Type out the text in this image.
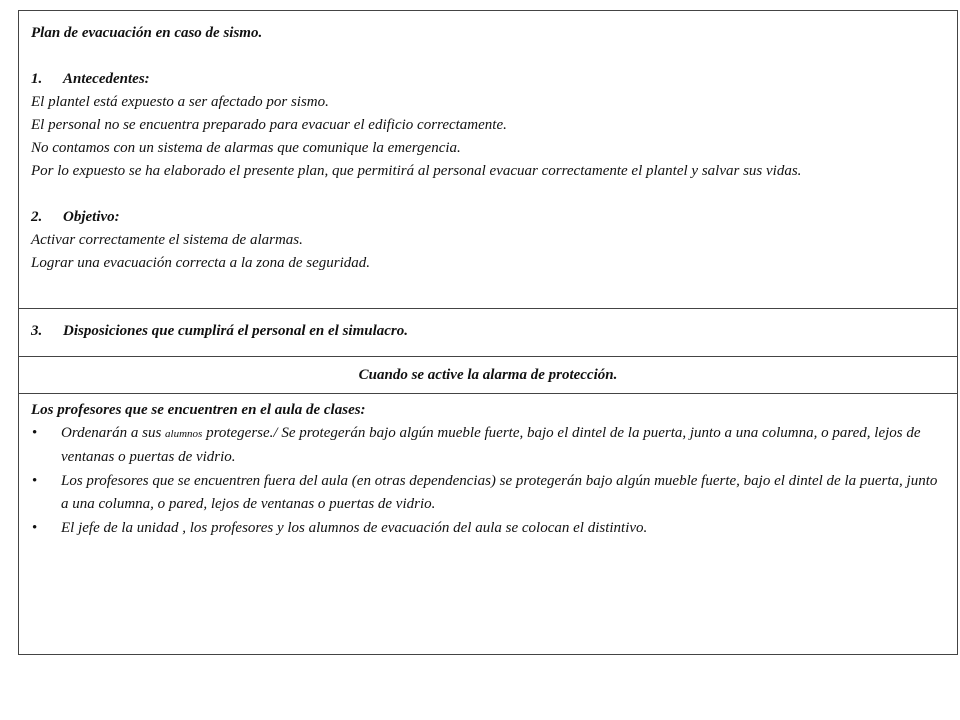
Plan de evacuación en caso de sismo.

1.	Antecedentes:

El plantel está expuesto a ser afectado por sismo.

El personal no se encuentra preparado para evacuar el edificio correctamente.

No contamos con un sistema de alarmas que comunique la emergencia.

Por lo expuesto se ha elaborado el presente plan, que permitirá al personal evacuar correctamente el plantel y salvar sus vidas.

2.	Objetivo:

Activar correctamente el sistema de alarmas.

Lograr una evacuación correcta a la zona de seguridad.

3.	Disposiciones que cumplirá el personal en el simulacro.
Cuando se active la alarma de protección.

Los profesores que se encuentren en el aula de clases:

• Ordenarán a sus alumnos protegerse./ Se protegerán bajo algún mueble fuerte, bajo el dintel de la puerta, junto a una columna, o pared, lejos de ventanas o puertas de vidrio.
• Los profesores que se encuentren fuera del aula (en otras dependencias) se protegerán bajo algún mueble fuerte, bajo el dintel de la puerta, junto a una columna, o pared, lejos de ventanas o puertas de vidrio.
• El jefe de la unidad , los profesores y los alumnos de evacuación del aula se colocan el distintivo.
